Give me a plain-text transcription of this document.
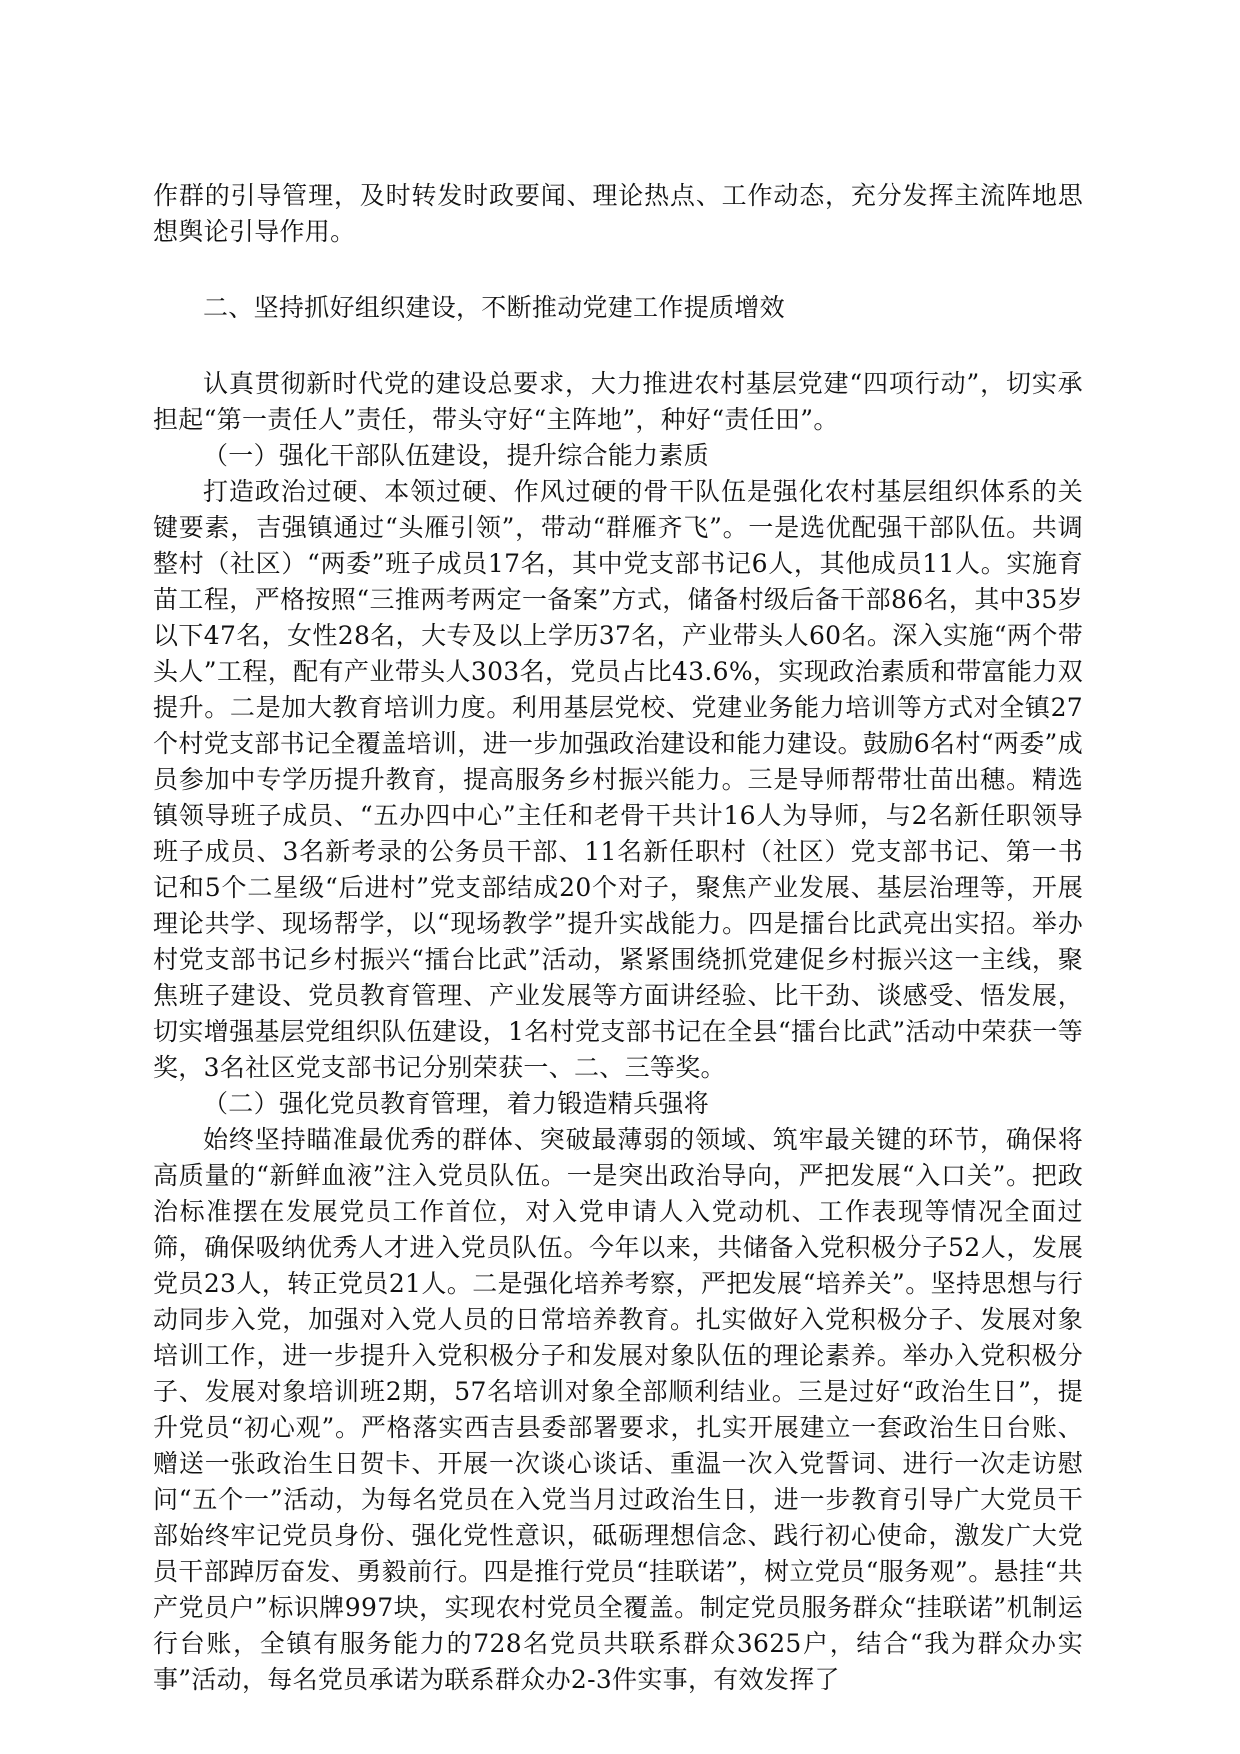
作群的引导管理，及时转发时政要闻、理论热点、工作动态，充分发挥主流阵地思想舆论引导作用。

二、坚持抓好组织建设，不断推动党建工作提质增效

认真贯彻新时代党的建设总要求，大力推进农村基层党建“四项行动”，切实承担起“第一责任人”责任，带头守好“主阵地”，种好“责任田”。

（一）强化干部队伍建设，提升综合能力素质

打造政治过硬、本领过硬、作风过硬的骨干队伍是强化农村基层组织体系的关键要素，吉强镇通过“头雁引领”，带动“群雁齐飞”。一是选优配强干部队伍。共调整村（社区）“两委”班子成员17名，其中党支部书记6人，其他成员11人。实施育苗工程，严格按照“三推两考两定一备案”方式，储备村级后备干部86名，其中35岁以下47名，女性28名，大专及以上学历37名，产业带头人60名。深入实施“两个带头人”工程，配有产业带头人303名，党员占比43.6%，实现政治素质和带富能力双提升。二是加大教育培训力度。利用基层党校、党建业务能力培训等方式对全镇27个村党支部书记全覆盖培训，进一步加强政治建设和能力建设。鼓励6名村“两委”成员参加中专学历提升教育，提高服务乡村振兴能力。三是导师帮带壮苗出穗。精选镇领导班子成员、“五办四中心”主任和老骨干共计16人为导师，与2名新任职领导班子成员、3名新考录的公务员干部、11名新任职村（社区）党支部书记、第一书记和5个二星级“后进村”党支部结成20个对子，聚焦产业发展、基层治理等，开展理论共学、现场帮学，以“现场教学”提升实战能力。四是擂台比武亮出实招。举办村党支部书记乡村振兴“擂台比武”活动，紧紧围绕抓党建促乡村振兴这一主线，聚焦班子建设、党员教育管理、产业发展等方面讲经验、比干劲、谈感受、悟发展，切实增强基层党组织队伍建设，1名村党支部书记在全县“擂台比武”活动中荣获一等奖，3名社区党支部书记分别荣获一、二、三等奖。

（二）强化党员教育管理，着力锻造精兵强将

始终坚持瞄准最优秀的群体、突破最薄弱的领域、筑牢最关键的环节，确保将高质量的“新鲜血液”注入党员队伍。一是突出政治导向，严把发展“入口关”。把政治标准摆在发展党员工作首位，对入党申请人入党动机、工作表现等情况全面过筛，确保吸纳优秀人才进入党员队伍。今年以来，共储备入党积极分子52人，发展党员23人，转正党员21人。二是强化培养考察，严把发展“培养关”。坚持思想与行动同步入党，加强对入党人员的日常培养教育。扎实做好入党积极分子、发展对象培训工作，进一步提升入党积极分子和发展对象队伍的理论素养。举办入党积极分子、发展对象培训班2期，57名培训对象全部顺利结业。三是过好“政治生日”，提升党员“初心观”。严格落实西吉县委部署要求，扎实开展建立一套政治生日台账、赠送一张政治生日贺卡、开展一次谈心谈话、重温一次入党誓词、进行一次走访慰问“五个一”活动，为每名党员在入党当月过政治生日，进一步教育引导广大党员干部始终牢记党员身份、强化党性意识，砥砺理想信念、践行初心使命，激发广大党员干部踔厉奋发、勇毅前行。四是推行党员“挂联诺”，树立党员“服务观”。悬挂“共产党员户”标识牌997块，实现农村党员全覆盖。制定党员服务群众“挂联诺”机制运行台账，全镇有服务能力的728名党员共联系群众3625户，结合“我为群众办实事”活动，每名党员承诺为联系群众办2-3件实事，有效发挥了
